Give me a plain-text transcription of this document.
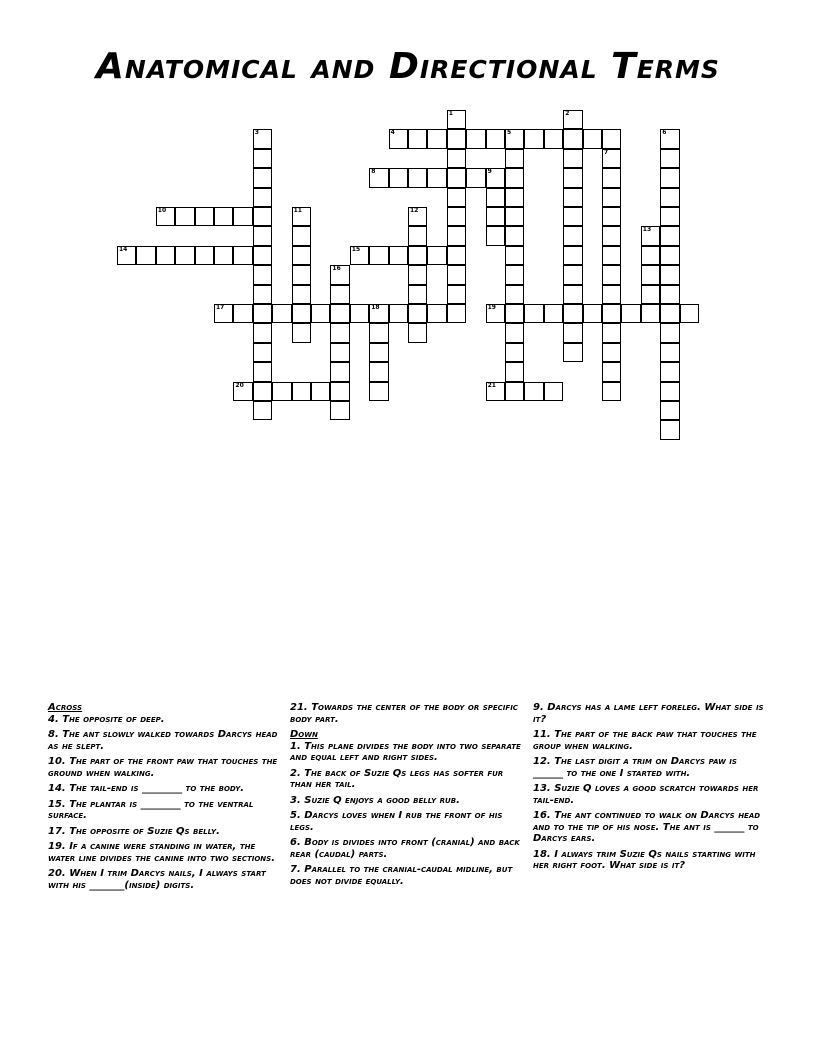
Anatomical and Directional Terms
1	2
3	4	5	6
7
8	9
10	11	12
13
14	15
16
17	18	19
20	21
Across
4. The opposite of deep.
8. The ant slowly walked towards Darcys head as he slept.
10. The part of the front paw that touches the ground when walking.
14. The tail-end is ________ to the body.
15. The plantar is ________ to the ventral surface.
17. The opposite of Suzie Qs belly.
19. If a canine were standing in water, the water line divides the canine into two sections.
20. When I trim Darcys nails, I always start with his _______(inside) digits.
21. Towards the center of the body or specific body part.
Down
1. This plane divides the body into two separate and equal left and right sides.
2. The back of Suzie Qs legs has softer fur than her tail.
3. Suzie Q enjoys a good belly rub.
5. Darcys loves when I rub the front of his legs.
6. Body is divides into front (cranial) and back rear (caudal) parts.
7. Parallel to the cranial-caudal midline, but does not divide equally.
9. Darcys has a lame left foreleg. What side is it?
11. The part of the back paw that touches the group when walking.
12. The last digit a trim on Darcys paw is ______ to the one I started with.
13. Suzie Q loves a good scratch towards her tail-end.
16. The ant continued to walk on Darcys head and to the tip of his nose. The ant is ______ to Darcys ears.
18. I always trim Suzie Qs nails starting with her right foot. What side is it?
